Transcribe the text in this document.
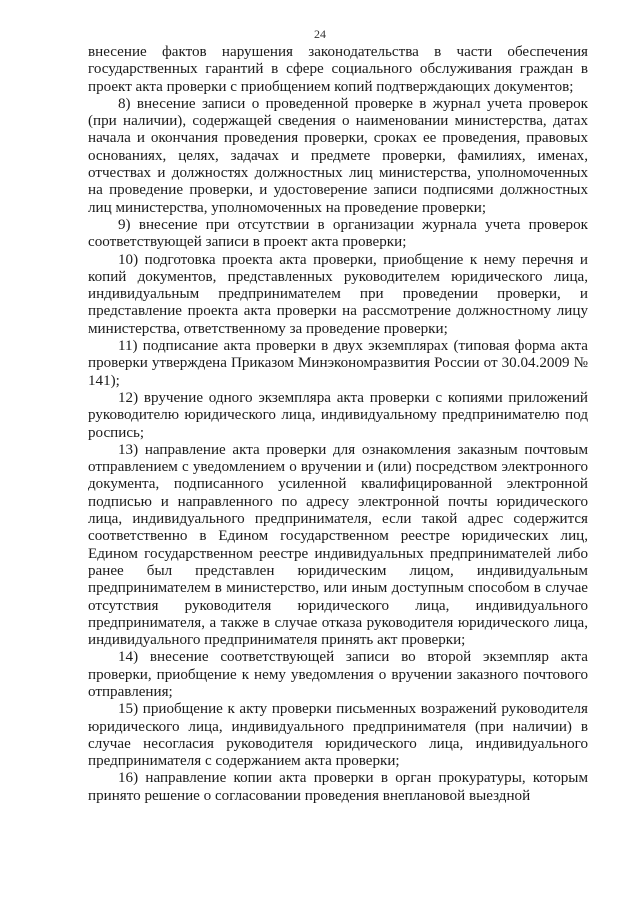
24

внесение фактов нарушения законодательства в части обеспечения государственных гарантий в сфере социального обслуживания граждан в проект акта проверки с приобщением копий подтверждающих документов;

8) внесение записи о проведенной проверке в журнал учета проверок (при наличии), содержащей сведения о наименовании министерства, датах начала и окончания проведения проверки, сроках ее проведения, правовых основаниях, целях, задачах и предмете проверки, фамилиях, именах, отчествах и должностях должностных лиц министерства, уполномоченных на проведение проверки, и удостоверение записи подписями должностных лиц министерства, уполномоченных на проведение проверки;

9) внесение при отсутствии в организации журнала учета проверок соответствующей записи в проект акта проверки;

10) подготовка проекта акта проверки, приобщение к нему перечня и копий документов, представленных руководителем юридического лица, индивидуальным предпринимателем при проведении проверки, и представление проекта акта проверки на рассмотрение должностному лицу министерства, ответственному за проведение проверки;

11) подписание акта проверки в двух экземплярах (типовая форма акта проверки утверждена Приказом Минэкономразвития России от 30.04.2009 № 141);

12) вручение одного экземпляра акта проверки с копиями приложений руководителю юридического лица, индивидуальному предпринимателю под роспись;

13) направление акта проверки для ознакомления заказным почтовым отправлением с уведомлением о вручении и (или) посредством электронного документа, подписанного усиленной квалифицированной электронной подписью и направленного по адресу электронной почты юридического лица, индивидуального предпринимателя, если такой адрес содержится соответственно в Едином государственном реестре юридических лиц, Едином государственном реестре индивидуальных предпринимателей либо ранее был представлен юридическим лицом, индивидуальным предпринимателем в министерство, или иным доступным способом в случае отсутствия руководителя юридического лица, индивидуального предпринимателя, а также в случае отказа руководителя юридического лица, индивидуального предпринимателя принять акт проверки;

14) внесение соответствующей записи во второй экземпляр акта проверки, приобщение к нему уведомления о вручении заказного почтового отправления;

15) приобщение к акту проверки письменных возражений руководителя юридического лица, индивидуального предпринимателя (при наличии) в случае несогласия руководителя юридического лица, индивидуального предпринимателя с содержанием акта проверки;

16) направление копии акта проверки в орган прокуратуры, которым принято решение о согласовании проведения внеплановой выездной
